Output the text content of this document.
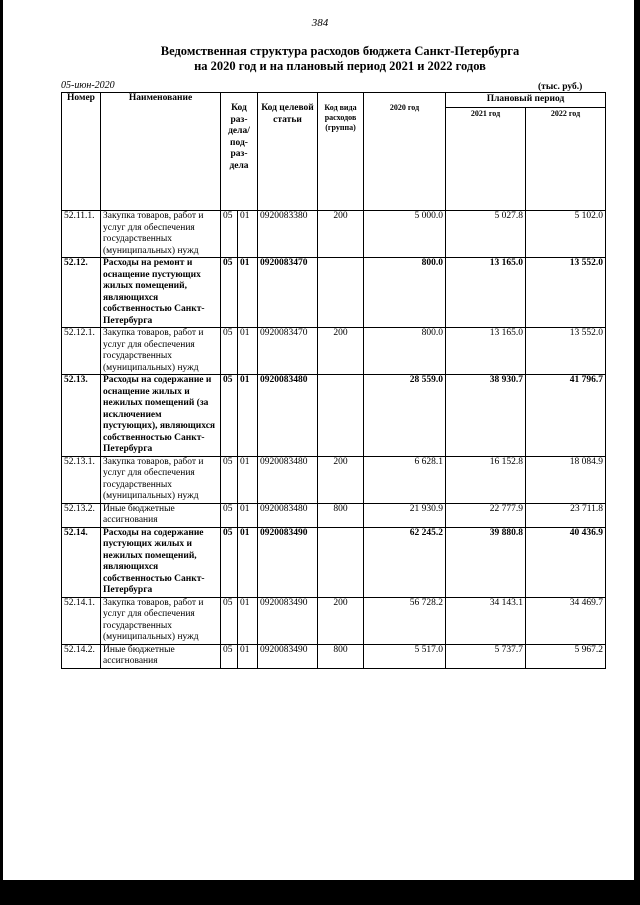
384
Ведомственная структура расходов бюджета Санкт-Петербурга
на 2020 год и на плановый период 2021 и 2022 годов
05-июн-2020	(тыс. руб.)
Номер	Наименование	Код раз-дела/ под-раз-дела		Код целевой статьи	Код вида расходов (группа)	2020 год	Плановый период	
							2021 год	2022 год
52.11.1.	Закупка товаров, работ и услуг для обеспечения государственных (муниципальных) нужд	05	01	0920083380	200	5 000.0	5 027.8	5 102.0
52.12.	Расходы на ремонт и оснащение пустующих жилых помещений, являющихся собственностью Санкт-Петербурга	05	01	0920083470		800.0	13 165.0	13 552.0
52.12.1.	Закупка товаров, работ и услуг для обеспечения государственных (муниципальных) нужд	05	01	0920083470	200	800.0	13 165.0	13 552.0
52.13.	Расходы на содержание и оснащение жилых и нежилых помещений (за исключением пустующих), являющихся собственностью Санкт-Петербурга	05	01	0920083480		28 559.0	38 930.7	41 796.7
52.13.1.	Закупка товаров, работ и услуг для обеспечения государственных (муниципальных) нужд	05	01	0920083480	200	6 628.1	16 152.8	18 084.9
52.13.2.	Иные бюджетные ассигнования	05	01	0920083480	800	21 930.9	22 777.9	23 711.8
52.14.	Расходы на содержание пустующих жилых и нежилых помещений, являющихся собственностью Санкт-Петербурга	05	01	0920083490		62 245.2	39 880.8	40 436.9
52.14.1.	Закупка товаров, работ и услуг для обеспечения государственных (муниципальных) нужд	05	01	0920083490	200	56 728.2	34 143.1	34 469.7
52.14.2.	Иные бюджетные ассигнования	05	01	0920083490	800	5 517.0	5 737.7	5 967.2
